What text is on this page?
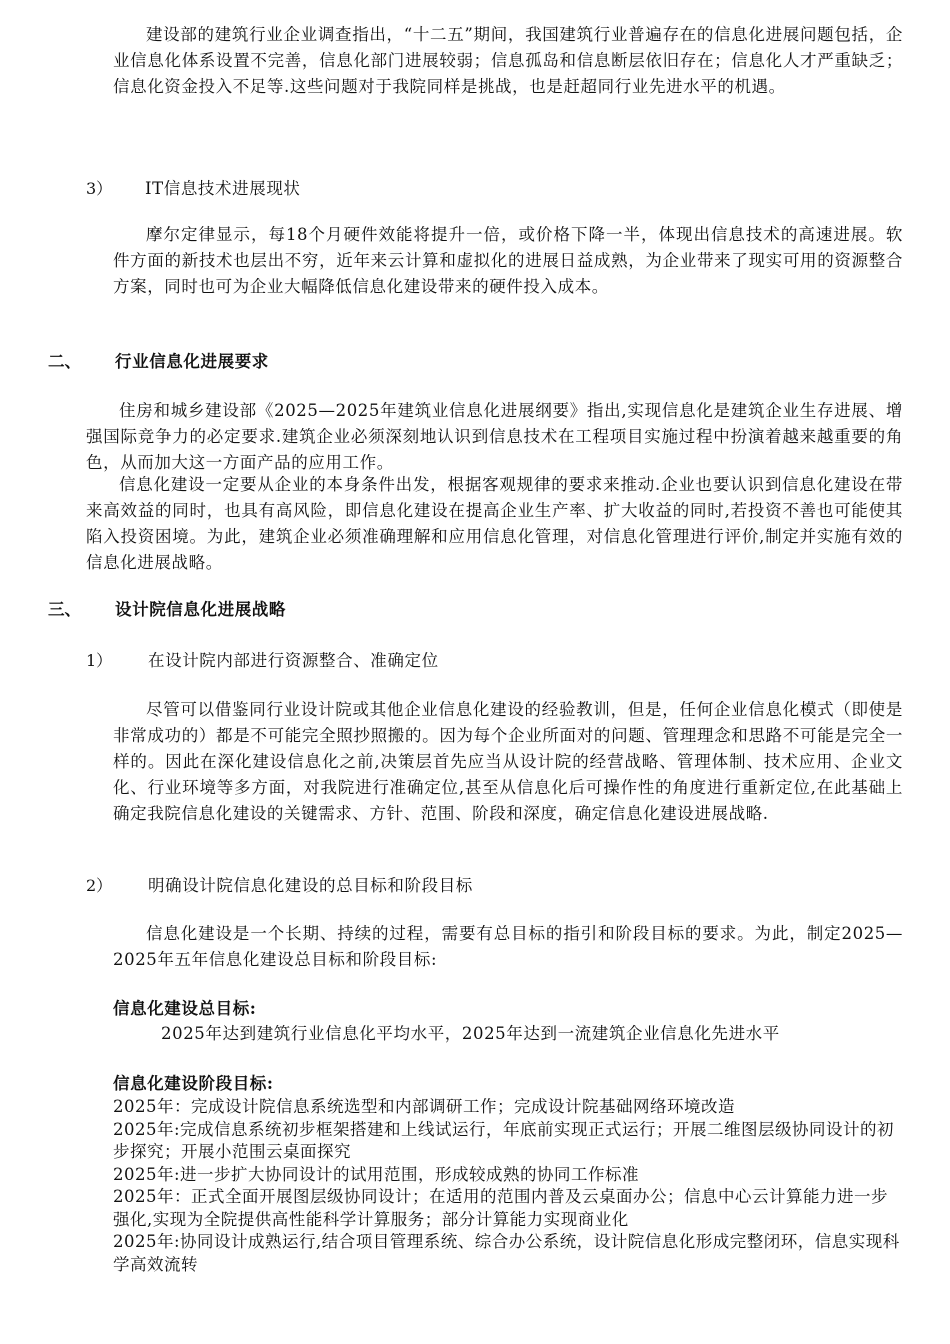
建设部的建筑行业企业调查指出，“十二五”期间，我国建筑行业普遍存在的信息化进展问题包括，企业信息化体系设置不完善，信息化部门进展较弱；信息孤岛和信息断层依旧存在；信息化人才严重缺乏；信息化资金投入不足等.这些问题对于我院同样是挑战，也是赶超同行业先进水平的机遇。

3） IT信息技术进展现状

摩尔定律显示，每18个月硬件效能将提升一倍，或价格下降一半，体现出信息技术的高速进展。软件方面的新技术也层出不穷，近年来云计算和虚拟化的进展日益成熟，为企业带来了现实可用的资源整合方案，同时也可为企业大幅降低信息化建设带来的硬件投入成本。

二、 行业信息化进展要求

住房和城乡建设部《2025—2025年建筑业信息化进展纲要》指出,实现信息化是建筑企业生存进展、增强国际竞争力的必定要求.建筑企业必须深刻地认识到信息技术在工程项目实施过程中扮演着越来越重要的角色，从而加大这一方面产品的应用工作。

信息化建设一定要从企业的本身条件出发，根据客观规律的要求来推动.企业也要认识到信息化建设在带来高效益的同时，也具有高风险，即信息化建设在提高企业生产率、扩大收益的同时,若投资不善也可能使其陷入投资困境。为此，建筑企业必须准确理解和应用信息化管理，对信息化管理进行评价,制定并实施有效的信息化进展战略。

三、 设计院信息化进展战略
1） 在设计院内部进行资源整合、准确定位

尽管可以借鉴同行业设计院或其他企业信息化建设的经验教训，但是，任何企业信息化模式（即使是非常成功的）都是不可能完全照抄照搬的。因为每个企业所面对的问题、管理理念和思路不可能是完全一样的。因此在深化建设信息化之前,决策层首先应当从设计院的经营战略、管理体制、技术应用、企业文化、行业环境等多方面，对我院进行准确定位,甚至从信息化后可操作性的角度进行重新定位,在此基础上确定我院信息化建设的关键需求、方针、范围、阶段和深度，确定信息化建设进展战略.

2） 明确设计院信息化建设的总目标和阶段目标

信息化建设是一个长期、持续的过程，需要有总目标的指引和阶段目标的要求。为此，制定2025—2025年五年信息化建设总目标和阶段目标:

信息化建设总目标:

2025年达到建筑行业信息化平均水平，2025年达到一流建筑企业信息化先进水平

信息化建设阶段目标:
2025年：完成设计院信息系统选型和内部调研工作；完成设计院基础网络环境改造
2025年:完成信息系统初步框架搭建和上线试运行，年底前实现正式运行；开展二维图层级协同设计的初步探究；开展小范围云桌面探究
2025年:进一步扩大协同设计的试用范围，形成较成熟的协同工作标准
2025年：正式全面开展图层级协同设计；在适用的范围内普及云桌面办公；信息中心云计算能力进一步强化,实现为全院提供高性能科学计算服务；部分计算能力实现商业化
2025年:协同设计成熟运行,结合项目管理系统、综合办公系统，设计院信息化形成完整闭环，信息实现科学高效流转
